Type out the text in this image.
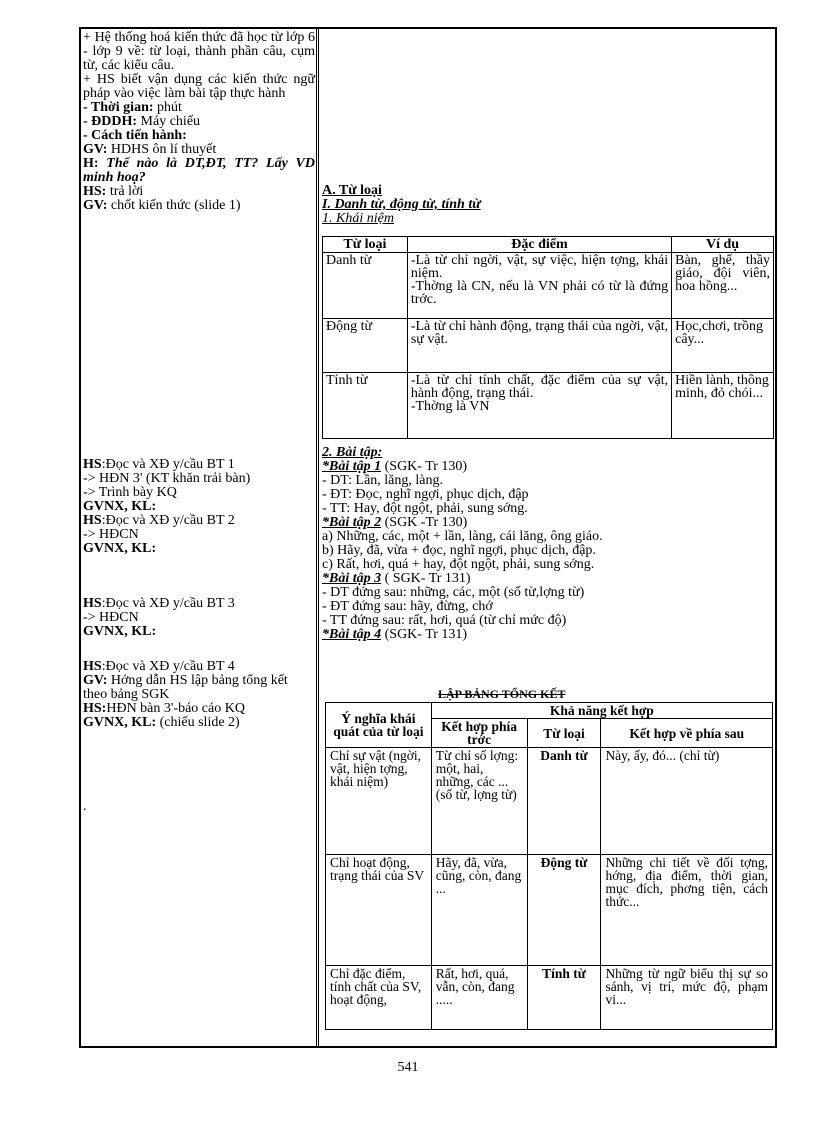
+ Hệ thống hoá kiến thức đã học từ lớp 6 - lớp 9 về: từ loại, thành phần câu, cụm từ, các kiểu câu.

+ HS biết vận dụng các kiến thức ngữ pháp vào việc làm bài tập thực hành

- Thời gian: phút

- ĐDDH: Máy chiếu

- Cách tiến hành:

GV: HDHS ôn lí thuyết

H: Thế nào là DT,ĐT, TT? Lấy VD minh hoạ?

HS: trả lời

GV: chốt kiến thức (slide 1)

HS:Đọc và XĐ y/cầu BT 1

-> HĐN 3' (KT khăn trải bàn)

-> Trình bày KQ

GVNX, KL:

HS:Đọc và XĐ y/cầu BT 2

-> HĐCN

GVNX, KL:

HS:Đọc và XĐ y/cầu BT 3

-> HĐCN

GVNX, KL:

HS:Đọc và XĐ y/cầu BT 4

GV: Hớng dẫn HS lập bảng tổng kết theo bảng SGK

HS:HĐN bàn 3'-báo cáo KQ

GVNX, KL: (chiếu slide 2)

.

A. Từ loại

I. Danh từ, động từ, tính từ

1. Khái niệm

Từ loại	Đặc điểm	Ví dụ
Danh từ	-Là từ chỉ ngời, vật, sự việc, hiện tợng, khái niệm.
-Thờng là CN, nếu là VN phải có từ là đứng trớc.	Bàn, ghế, thầy giáo, đội viên, hoa hồng...
Động từ	-Là từ chỉ hành động, trạng thái của ngời, vật, sự vật.	Học,chơi, trồng cây...
Tính từ	-Là từ chỉ tính chất, đặc điểm của sự vật, hành động, trạng thái.
-Thờng là VN	Hiền lành, thông minh, đỏ chói...

2. Bài tập:

*Bài tập 1 (SGK- Tr 130)

- DT: Lần, lăng, làng.

- ĐT: Đọc, nghĩ ngợi, phục dịch, đập

- TT: Hay, đột ngột, phải, sung sớng.

*Bài tập 2 (SGK -Tr 130)

a) Những, các, một + lần, làng, cái lăng, ông giáo.

b) Hãy, đã, vừa + đọc, nghĩ ngợi, phục dịch, đập.

c) Rất, hơi, quá + hay, đột ngột, phải, sung sớng.

*Bài tập 3 ( SGK- Tr 131)

- DT đứng sau: những, các, một (số từ,lợng từ)

- ĐT đứng sau: hãy, đừng, chớ

- TT đứng sau: rất, hơi, quá (từ chỉ mức độ)

*Bài tập 4 (SGK- Tr 131)

LẬP BẢNG TỔNG KẾT
Ý nghĩa khái quát của từ loại	Khả năng kết hợp		
	Kết hợp phía trớc	Từ loại	Kết hợp về phía sau
Chỉ sự vật (ngời, vật, hiện tợng, khái niệm)	Từ chỉ số lợng: một, hai, những, các ... (số từ, lợng từ)	Danh từ	Này, ấy, đó... (chỉ từ)
Chỉ hoạt động, trạng thái của SV	Hãy, đã, vừa, cũng, còn, đang ...	Động từ	Những chi tiết về đối tợng, hớng, địa điểm, thời gian, mục đích, phơng tiện, cách thức...
Chỉ đặc điểm, tính chất của SV, hoạt động,	Rất, hơi, quá, vẫn, còn, đang .....	Tính từ	Những từ ngữ biểu thị sự so sánh, vị trí, mức độ, phạm vi...
541
